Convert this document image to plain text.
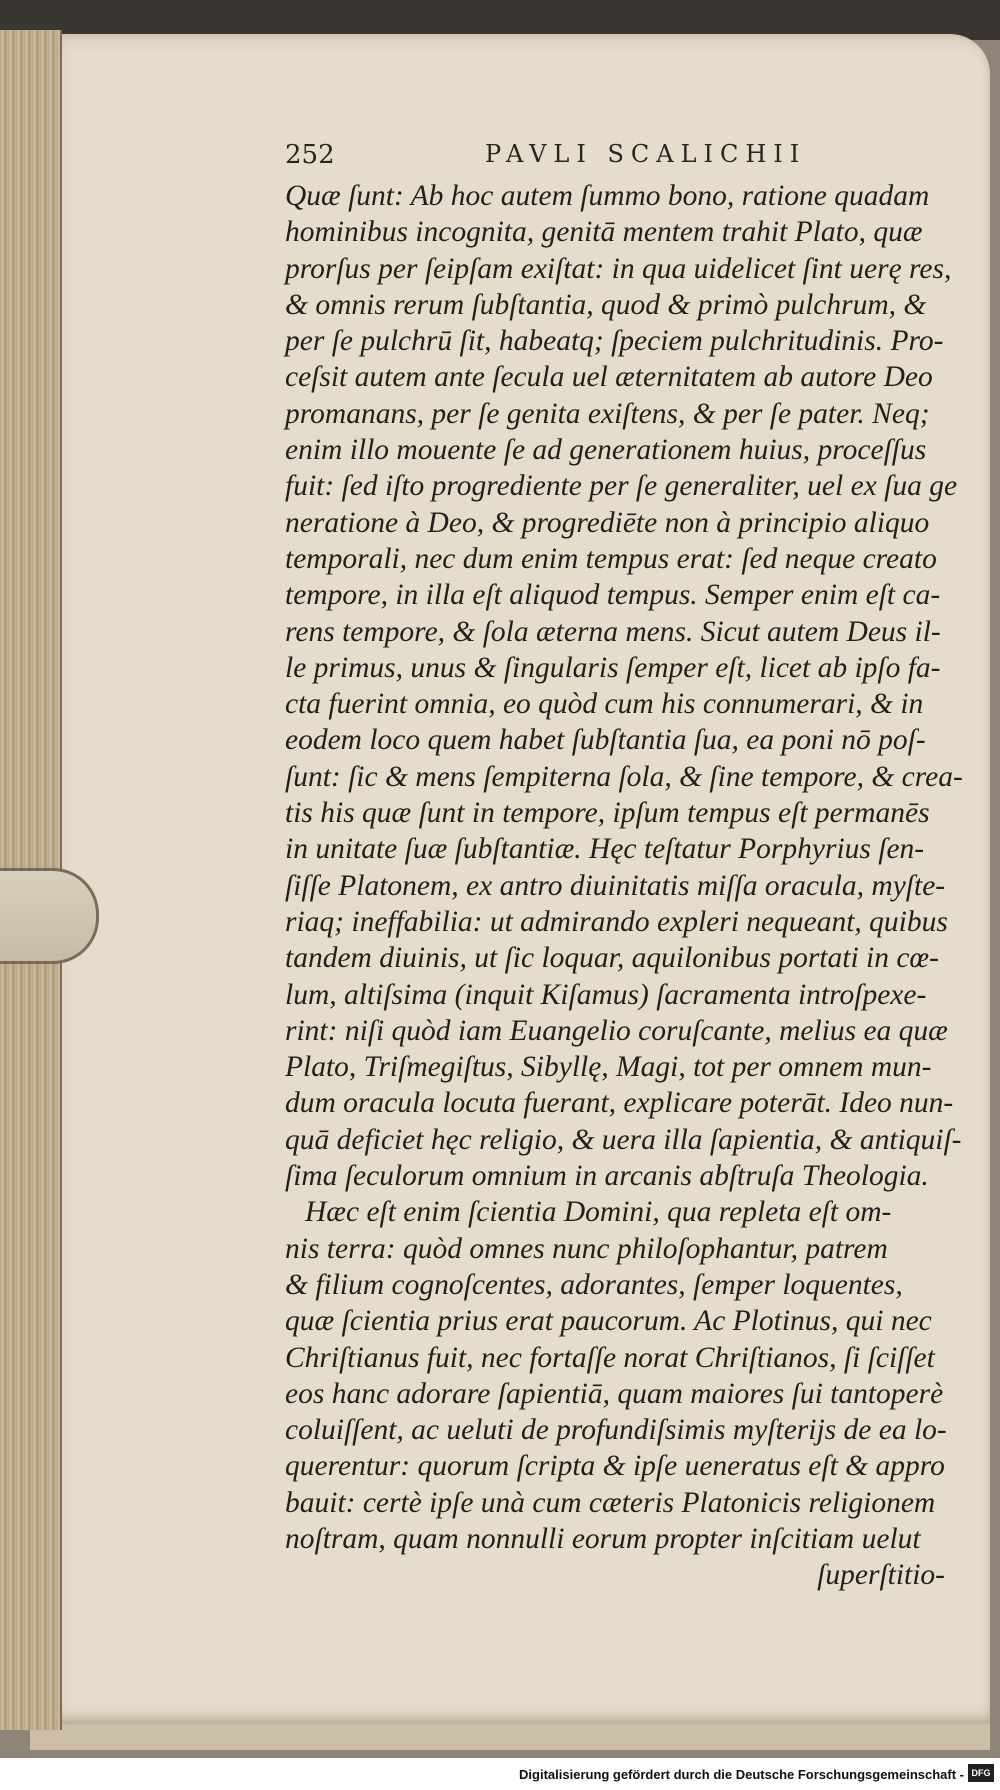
252	PAVLI SCALICHII
Quæ ſunt: Ab hoc autem ſummo bono, ratione quadam
hominibus incognita, genitā mentem trahit Plato, quæ
prorſus per ſeipſam exiſtat: in qua uidelicet ſint uerę res,
& omnis rerum ſubſtantia, quod & primò pulchrum, &
per ſe pulchrū ſit, habeatq; ſpeciem pulchritudinis. Pro-
ceſsit autem ante ſecula uel æternitatem ab autore Deo
promanans, per ſe genita exiſtens, & per ſe pater. Neq;
enim illo mouente ſe ad generationem huius, proceſſus
fuit: ſed iſto progrediente per ſe generaliter, uel ex ſua ge
neratione à Deo, & progrediēte non à principio aliquo
temporali, nec dum enim tempus erat: ſed neque creato
tempore, in illa eſt aliquod tempus. Semper enim eſt ca-
rens tempore, & ſola æterna mens. Sicut autem Deus il-
le primus, unus & ſingularis ſemper eſt, licet ab ipſo fa-
cta fuerint omnia, eo quòd cum his connumerari, & in
eodem loco quem habet ſubſtantia ſua, ea poni nō poſ-
ſunt: ſic & mens ſempiterna ſola, & ſine tempore, & crea-
tis his quæ ſunt in tempore, ipſum tempus eſt permanēs
in unitate ſuæ ſubſtantiæ. Hęc teſtatur Porphyrius ſen-
ſiſſe Platonem, ex antro diuinitatis miſſa oracula, myſte-
riaq; ineffabilia: ut admirando expleri nequeant, quibus
tandem diuinis, ut ſic loquar, aquilonibus portati in cœ-
lum, altiſsima (inquit Kiſamus) ſacramenta introſpexe-
rint: niſi quòd iam Euangelio coruſcante, melius ea quæ
Plato, Triſmegiſtus, Sibyllę, Magi, tot per omnem mun-
dum oracula locuta fuerant, explicare poterāt. Ideo nun-
quā deficiet hęc religio, & uera illa ſapientia, & antiquiſ-
ſima ſeculorum omnium in arcanis abſtruſa Theologia.
Hæc eſt enim ſcientia Domini, qua repleta eſt om-
nis terra: quòd omnes nunc philoſophantur, patrem
& filium cognoſcentes, adorantes, ſemper loquentes,
quæ ſcientia prius erat paucorum. Ac Plotinus, qui nec
Chriſtianus fuit, nec fortaſſe norat Chriſtianos, ſi ſciſſet
eos hanc adorare ſapientiā, quam maiores ſui tantoperè
coluiſſent, ac ueluti de profundiſsimis myſterijs de ea lo-
querentur: quorum ſcripta & ipſe ueneratus eſt & appro
bauit: certè ipſe unà cum cæteris Platonicis religionem
noſtram, quam nonnulli eorum propter inſcitiam uelut
ſuperſtitio-
Digitalisierung gefördert durch die Deutsche Forschungsgemeinschaft - DFG
